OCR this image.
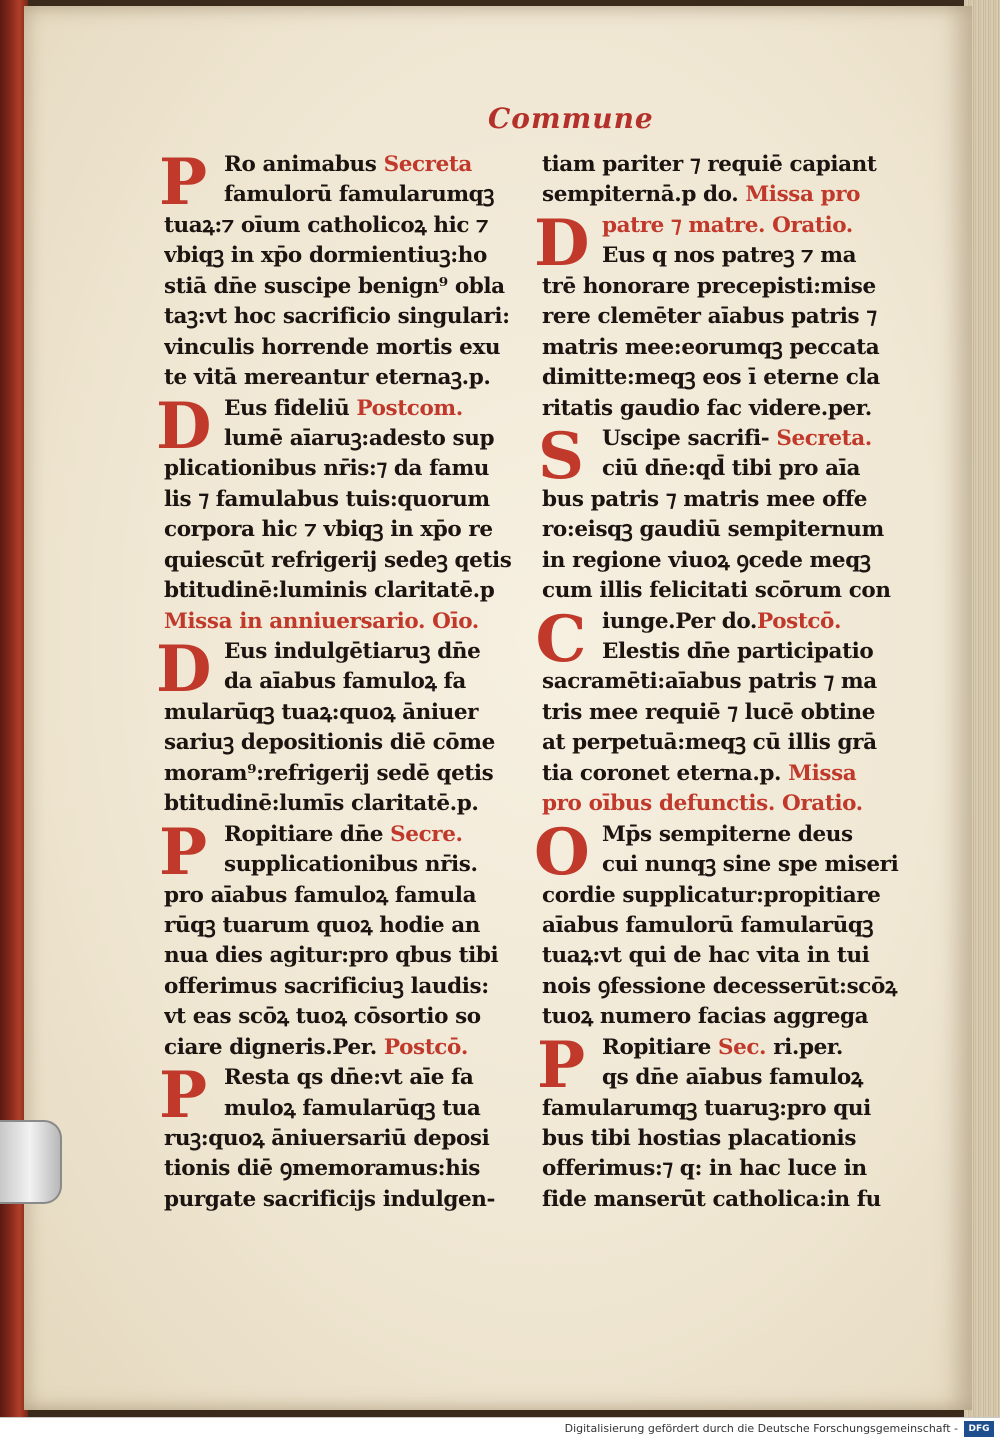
Commune
P Ro animabus Secreta
famulorū famularumqꝫ
tuaꝝ:⁊ oīum catholicoꝝ hic ⁊
vbiqꝫ in xp̄o dormientiuꝫ:ho
stiā dn̄e suscipe benign⁹ obla
taꝫ:vt hoc sacrificio singulari:
vinculis horrende mortis exu
te vitā mereantur eternaꝫ.p.
D Eus fideliū Postcom.
lumē aīaruꝫ:adesto sup
plicationibus nr̄is:⁊ da famu
lis ⁊ famulabus tuis:quorum
corpora hic ⁊ vbiqꝫ in xp̄o re
quiescūt refrigerij sedeꝫ qetis
btitudinē:luminis claritatē.p
Missa in anniuersario. Oīo.
D Eus indulgētiaruꝫ dn̄e
da aīabus famuloꝝ fa
mularūqꝫ tuaꝝ:quoꝝ āniuer
sariuꝫ depositionis diē cōme
moram⁹:refrigerij sedē qetis
btitudinē:lumīs claritatē.p.
P Ropitiare dn̄e Secre.
supplicationibus nr̄is.
pro aīabus famuloꝝ famula
rūqꝫ tuarum quoꝝ hodie an
nua dies agitur:pro qbus tibi
offerimus sacrificiuꝫ laudis:
vt eas scōꝝ tuoꝝ cōsortio so
ciare digneris.Per. Postcō.
P Resta qs dn̄e:vt aīe fa
muloꝝ famularūqꝫ tua
ruꝫ:quoꝝ āniuersariū deposi
tionis diē ꝯmemoramus:his
purgate sacrificijs indulgen-
tiam pariter ⁊ requiē capiant
sempiternā.p do. Missa pro
D patre ⁊ matre. Oratio.
Eus q nos patreꝫ ⁊ ma
trē honorare precepisti:mise
rere clemēter aīabus patris ⁊
matris mee:eorumqꝫ peccata
dimitte:meqꝫ eos ī eterne cla
ritatis gaudio fac videre.per.
S Uscipe sacrifi- Secreta.
ciū dn̄e:qd̄ tibi pro aīa
bus patris ⁊ matris mee offe
ro:eisqꝫ gaudiū sempiternum
in regione viuoꝝ ꝯcede meqꝫ
cum illis felicitati scōrum con
C iunge.Per do.Postcō.
Elestis dn̄e participatio
sacramēti:aīabus patris ⁊ ma
tris mee requiē ⁊ lucē obtine
at perpetuā:meqꝫ cū illis grā
tia coronet eterna.p. Missa
pro oībus defunctis. Oratio.
O Mp̄s sempiterne deus
cui nunqꝫ sine spe miseri
cordie supplicatur:propitiare
aīabus famulorū famularūqꝫ
tuaꝝ:vt qui de hac vita in tui
nois ꝯfessione decesserūt:scōꝝ
tuoꝝ numero facias aggrega
P Ropitiare Sec. ri.per.
qs dn̄e aīabus famuloꝝ
famularumqꝫ tuaruꝫ:pro qui
bus tibi hostias placationis
offerimus:⁊ q: in hac luce in
fide manserūt catholica:in fu
Digitalisierung gefördert durch die Deutsche Forschungsgemeinschaft -	DFG
